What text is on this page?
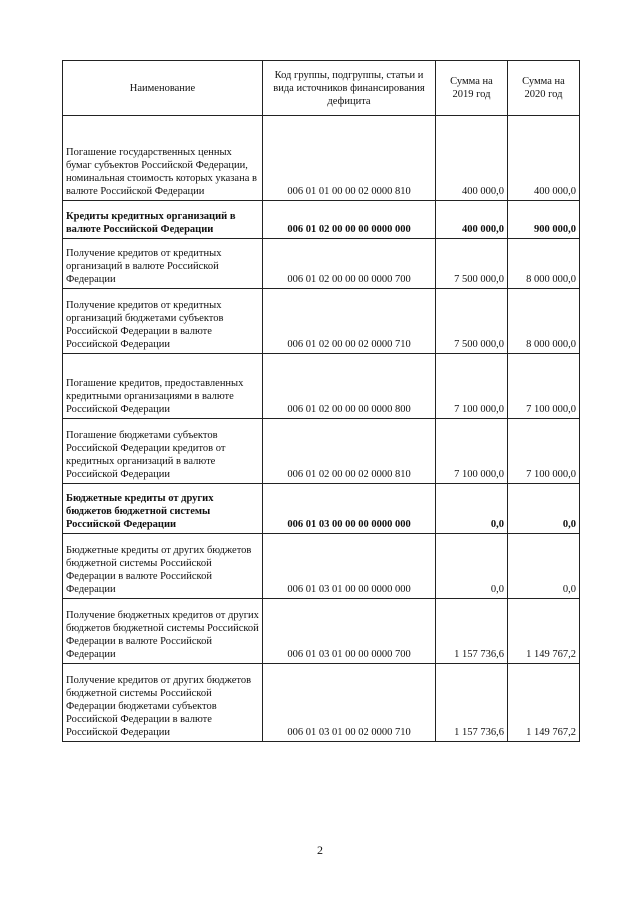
Наименование	Код группы, подгруппы, статьи и вида источников финансирования дефицита	Сумма на 2019 год	Сумма на 2020 год
Погашение государственных ценных бумаг субъектов Российской Федерации, номинальная стоимость которых указана в валюте Российской Федерации	006 01 01 00 00 02 0000 810	400 000,0	400 000,0
Кредиты кредитных организаций в валюте Российской Федерации	006 01 02 00 00 00 0000 000	400 000,0	900 000,0
Получение кредитов от кредитных организаций в валюте Российской Федерации	006 01 02 00 00 00 0000 700	7 500 000,0	8 000 000,0
Получение кредитов от кредитных организаций бюджетами субъектов Российской Федерации в валюте Российской Федерации	006 01 02 00 00 02 0000 710	7 500 000,0	8 000 000,0
Погашение кредитов, предоставленных кредитными организациями в валюте Российской Федерации	006 01 02 00 00 00 0000 800	7 100 000,0	7 100 000,0
Погашение бюджетами субъектов Российской Федерации кредитов от кредитных организаций в валюте Российской Федерации	006 01 02 00 00 02 0000 810	7 100 000,0	7 100 000,0
Бюджетные кредиты от других бюджетов бюджетной системы Российской Федерации	006 01 03 00 00 00 0000 000	0,0	0,0
Бюджетные кредиты от других бюджетов бюджетной системы Российской Федерации в валюте Российской Федерации	006 01 03 01 00 00 0000 000	0,0	0,0
Получение бюджетных кредитов от других бюджетов бюджетной системы Российской Федерации в валюте Российской Федерации	006 01 03 01 00 00 0000 700	1 157 736,6	1 149 767,2
Получение кредитов от других бюджетов бюджетной системы Российской Федерации бюджетами субъектов Российской Федерации в валюте Российской Федерации	006 01 03 01 00 02 0000 710	1 157 736,6	1 149 767,2
2
